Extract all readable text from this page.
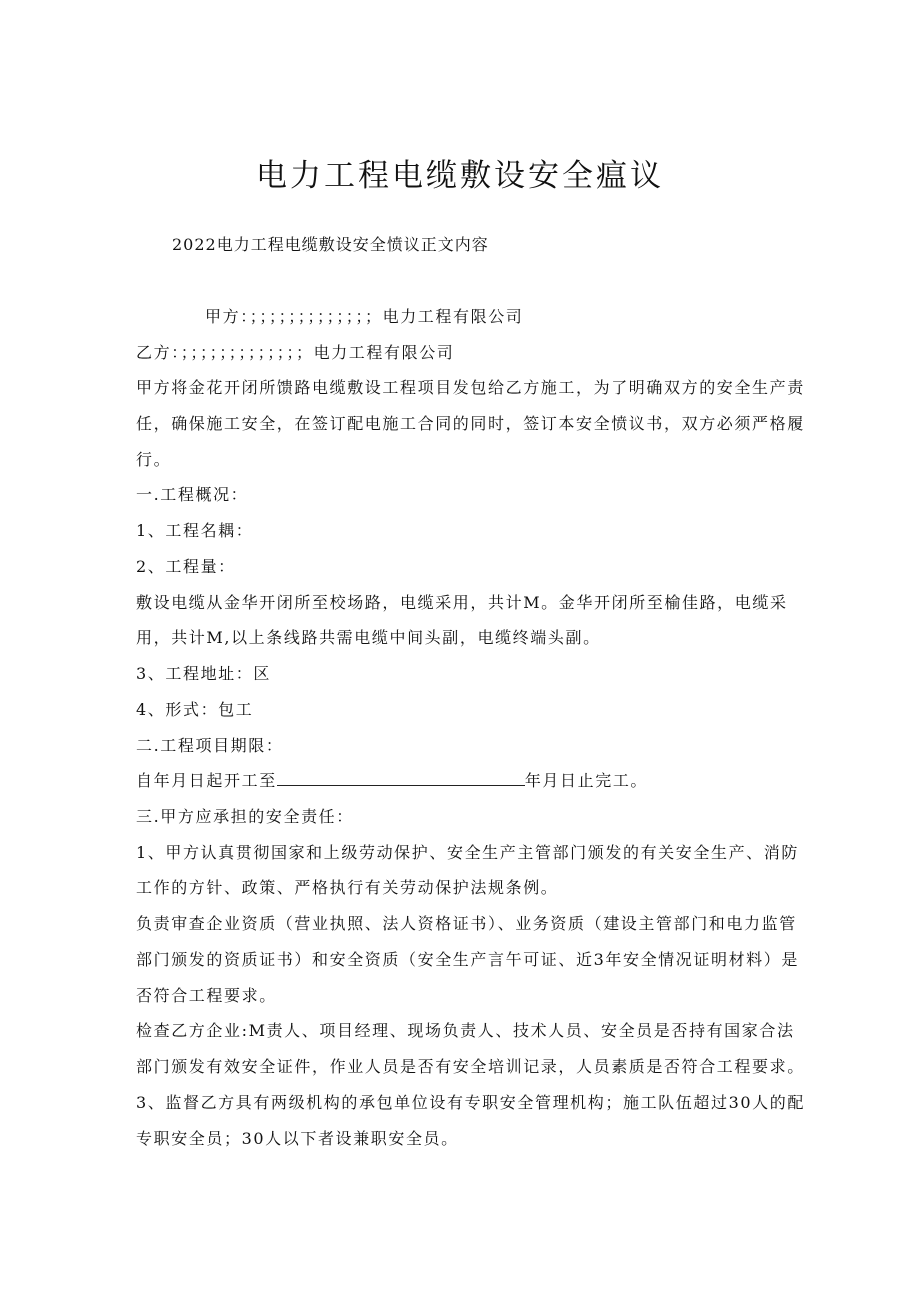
电力工程电缆敷设安全瘟议
2022电力工程电缆敷设安全愤议正文内容
甲方：；；；；；；；；；；；；；电力工程有限公司
乙方：；；；；；；；；；；；；；电力工程有限公司
甲方将金花开闭所馈路电缆敷设工程项目发包给乙方施工，为了明确双方的安全生产责
任，确保施工安全，在签订配电施工合同的同时，签订本安全愤议书，双方必须严格履
行。
一.工程概况：
1、工程名耦：
2、工程量：
敷设电缆从金华开闭所至校场路，电缆采用，共计M。金华开闭所至榆佳路，电缆采
用，共计M,以上条线路共需电缆中间头副，电缆终端头副。
3、工程地址：区
4、形式：包工
二.工程项目期限：
自年月日起开工至	年月日止完工。
三.甲方应承担的安全责任：
1、甲方认真贯彻国家和上级劳动保护、安全生产主管部门颁发的有关安全生产、消防
工作的方针、政策、严格执行有关劳动保护法规条例。
负责审查企业资质（营业执照、法人资格证书）、业务资质（建设主管部门和电力监管
部门颁发的资质证书）和安全资质（安全生产言午可证、近3年安全情况证明材料）是
否符合工程要求。
检查乙方企业:M责人、项目经理、现场负责人、技术人员、安全员是否持有国家合法
部门颁发有效安全证件，作业人员是否有安全培训记录，人员素质是否符合工程要求。
3、监督乙方具有两级机构的承包单位设有专职安全管理机构；施工队伍超过30人的配
专职安全员；30人以下者设兼职安全员。
